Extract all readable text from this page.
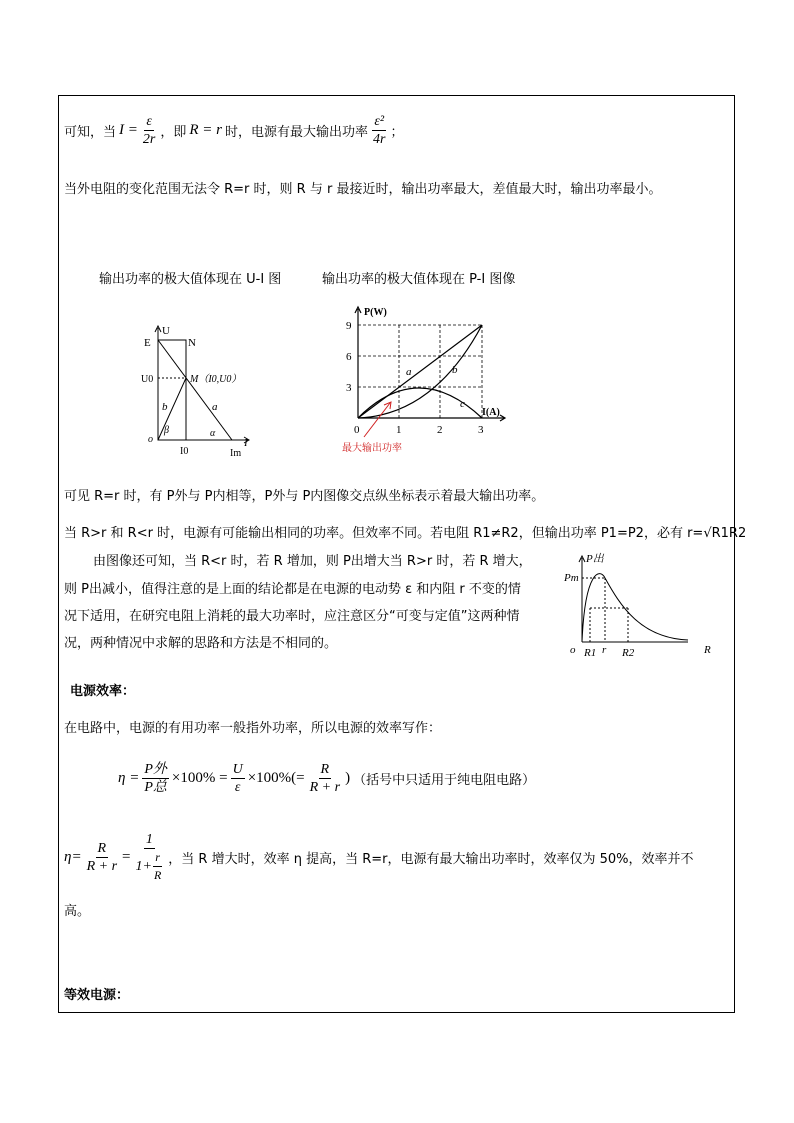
可知，当 $I = \frac{\varepsilon}{2r}$ ，即 R = r 时，电源有最大输出功率 $\frac{\text{ε²}}{4r}$ ；
当外电阻的变化范围无法令 R=r 时，则 R 与 r 最接近时，输出功率最大，差值最大时，输出功率最小。
输出功率的极大值体现在 U-I 图	输出功率的极大值体现在 P-I 图像
U
I
E	N
U0	M（I0,U0）
a
b
β	α
o
I0	Im
P(W)
I(A)
9
6
3
0	1	2	3
a	b
c
最大输出功率
可见 R=r 时，有 P外与 P内相等，P外与 P内图像交点纵坐标表示着最大输出功率。
当 R>r 和 R<r 时，电源有可能输出相同的功率。但效率不同。若电阻 R1≠R2，但输出功率 P1=P2，必有 r=√R1R2
由图像还可知，当 R<r 时，若 R 增加，则 P出增大当 R>r 时，若 R 增大，
则 P出减小，值得注意的是上面的结论都是在电源的电动势 ε 和内阻 r 不变的情
况下适用，在研究电阻上消耗的最大功率时，应注意区分“可变与定值”这两种情
况，两种情况中求解的思路和方法是不相同的。
P出
Pm
o R1 r R2	R
电源效率：
在电路中，电源的有用功率一般指外功率，所以电源的效率写作：
$\eta = \frac{\text{P外}}{\text{P总}} \times 100\% = \frac{U}{\varepsilon} \times 100\%(= \frac{R}{R + r}$ ) （括号中只适用于纯电阻电路）
$\eta= \frac{R}{R + r} = \frac{1}{1+ \frac{r}{R}}$ ，当 R 增大时，效率 η 提高，当 R=r，电源有最大输出功率时，效率仅为 50%，效率并不
高。
等效电源：
